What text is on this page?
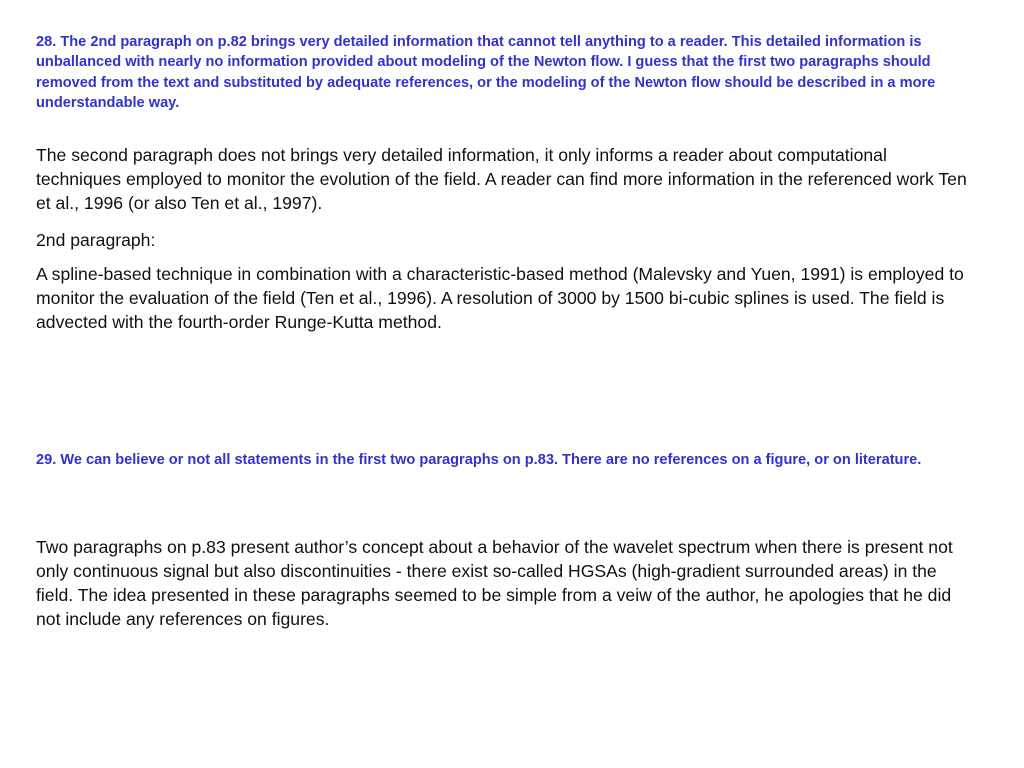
28. The 2nd paragraph on p.82 brings very detailed information that cannot tell anything to a reader. This detailed information is unballanced with nearly no information provided about modeling of the Newton flow. I guess that the first two paragraphs should removed from the text and substituted by adequate references, or the modeling of the Newton flow should be described in a more understandable way.

The second paragraph does not brings very detailed information, it only informs a reader about computational techniques employed to monitor the evolution of the field. A reader can find more information in the referenced work Ten et al., 1996 (or also Ten et al., 1997).

2nd paragraph:

A spline-based technique in combination with a characteristic-based method (Malevsky and Yuen, 1991) is employed to monitor the evaluation of the field (Ten et al., 1996). A resolution of 3000 by 1500 bi-cubic splines is used. The field is advected with the fourth-order Runge-Kutta method.

29. We can believe or not all statements in the first two paragraphs on p.83. There are no references on a figure, or on literature.

Two paragraphs on p.83 present author’s concept about a behavior of the wavelet spectrum when there is present not only continuous signal but also discontinuities - there exist so-called HGSAs (high-gradient surrounded areas) in the field. The idea presented in these paragraphs seemed to be simple from a veiw of the author, he apologies that he did not include any references on figures.
